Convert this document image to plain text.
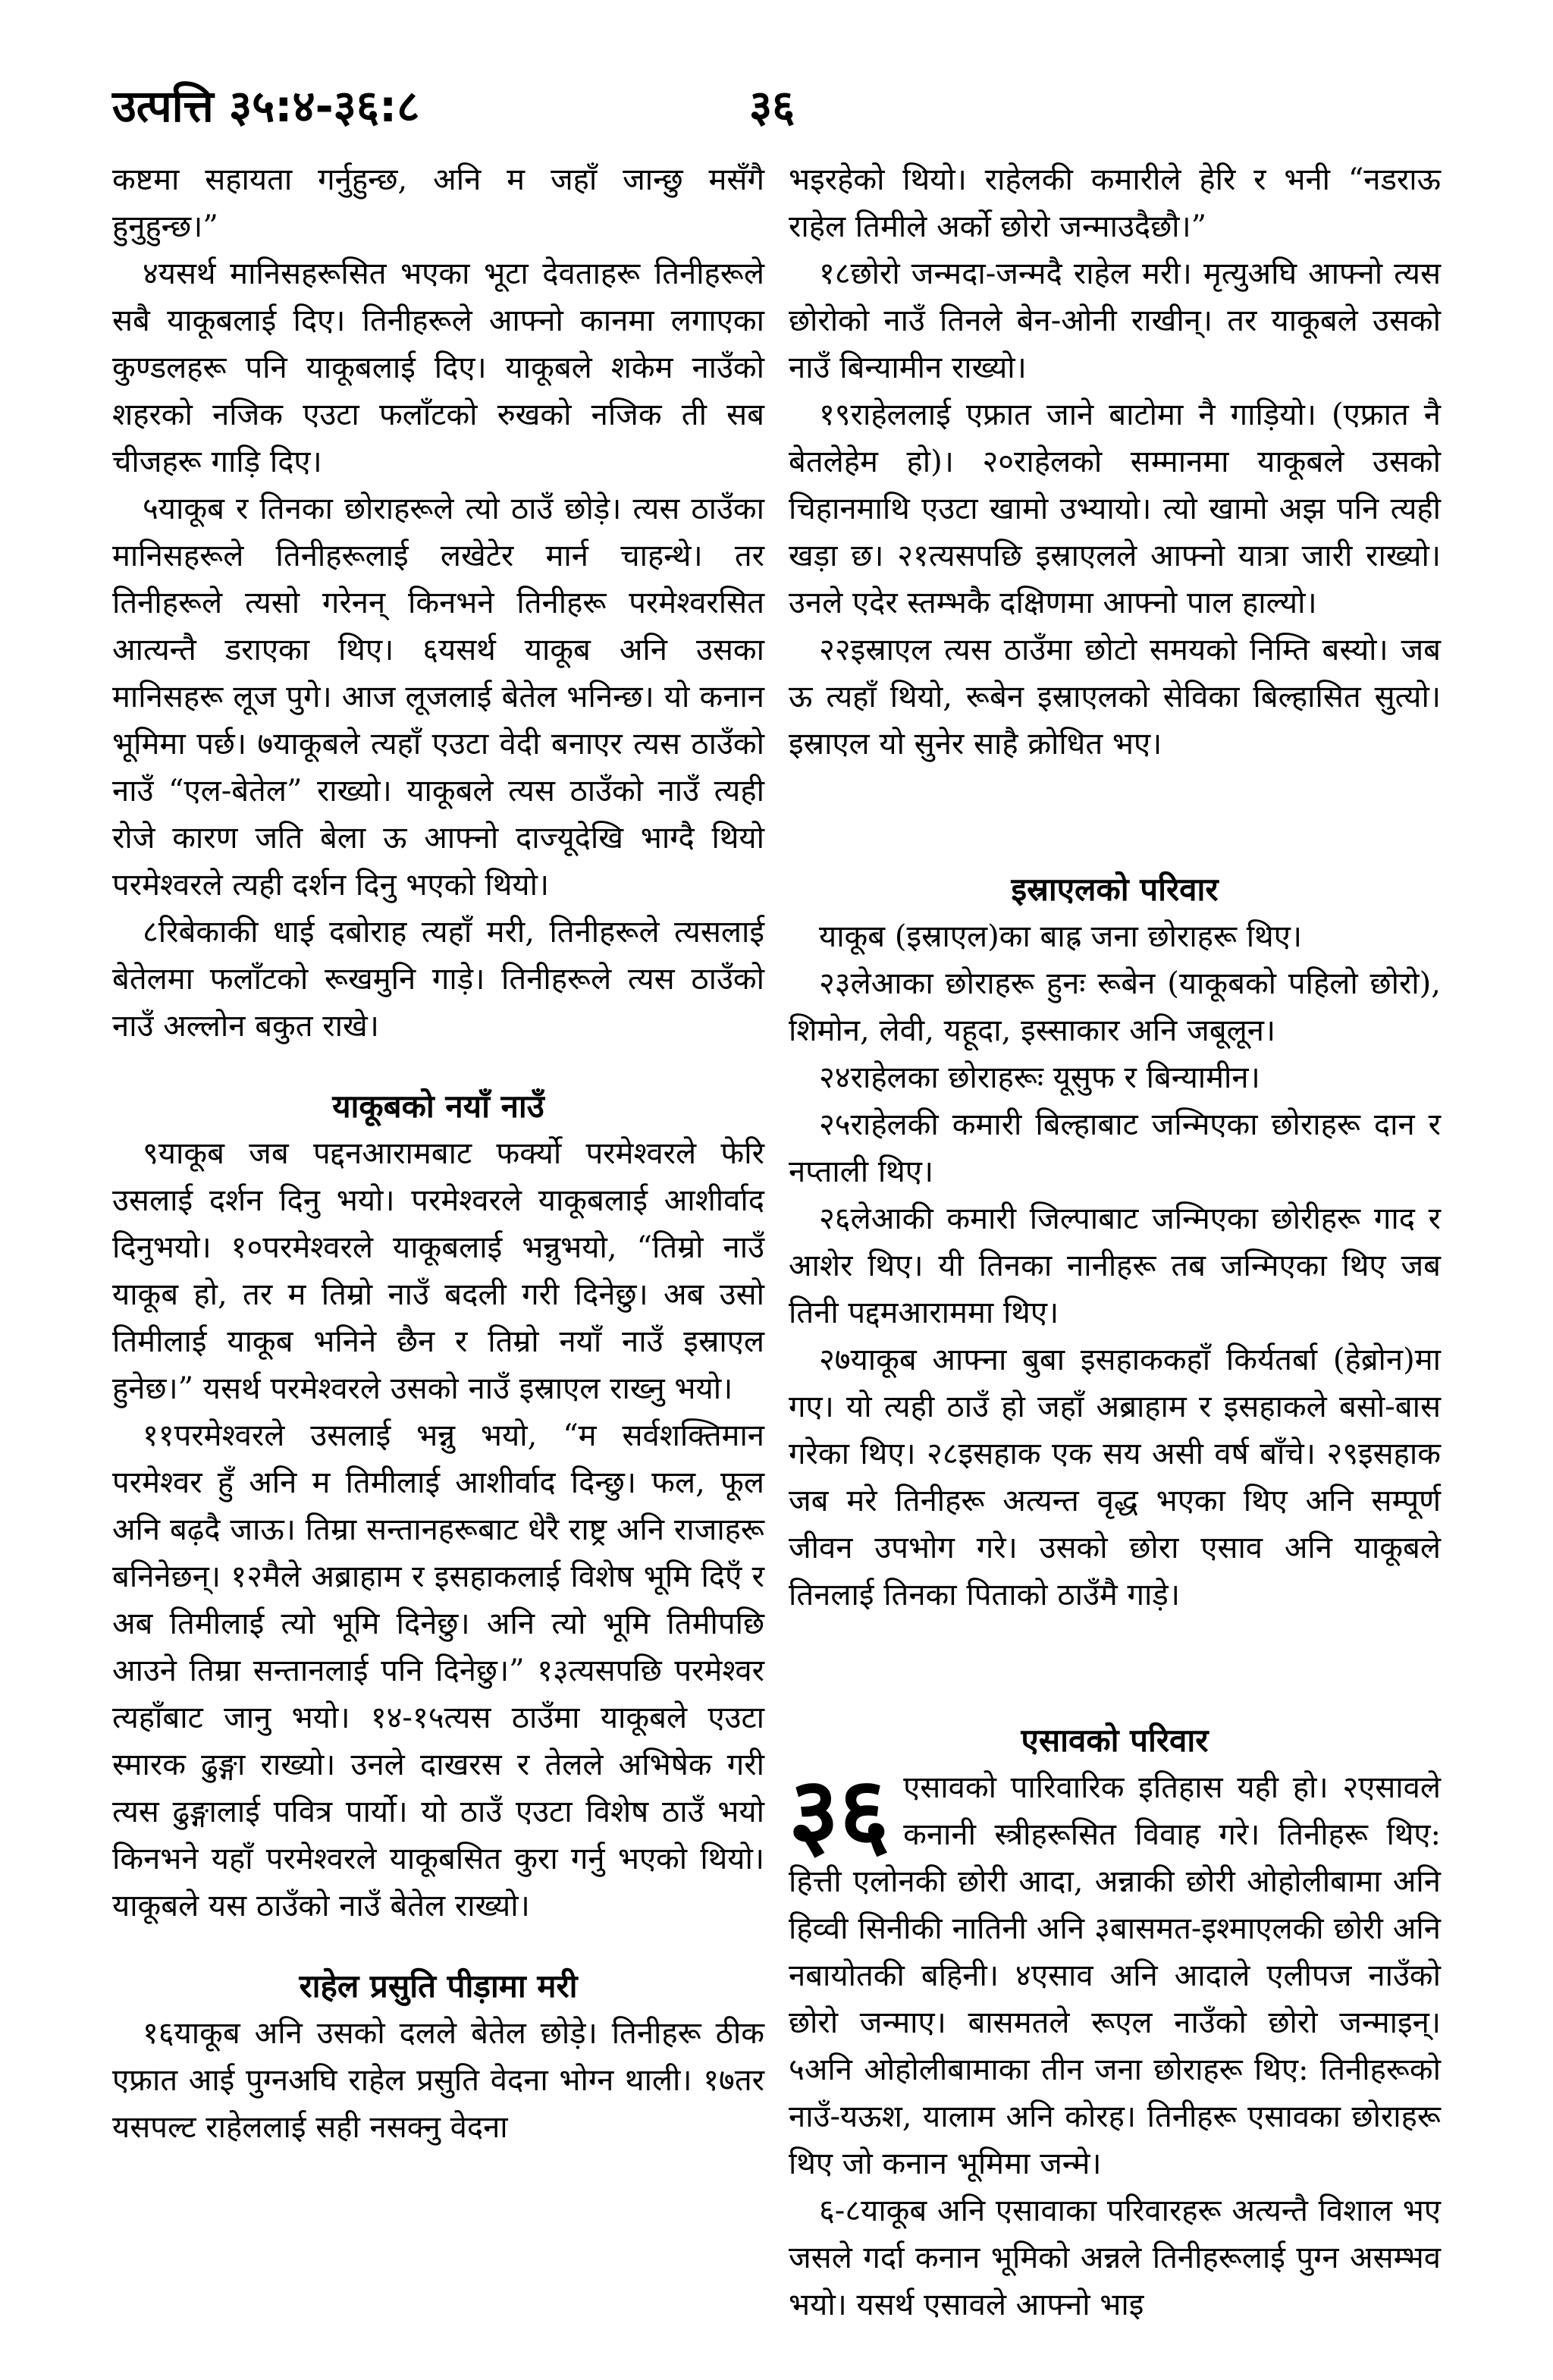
उत्पत्ति ३५:४-३६:८	३६

कष्टमा सहायता गर्नुहुन्छ, अनि म जहाँ जान्छु मसँगै हुनुहुन्छ।”

४यसर्थ मानिसहरूसित भएका भूटा देवताहरू तिनीहरूले सबै याकूबलाई दिए। तिनीहरूले आफ्नो कानमा लगाएका कुण्डलहरू पनि याकूबलाई दिए। याकूबले शकेम नाउँको शहरको नजिक एउटा फलाँटको रुखको नजिक ती सब चीजहरू गाड़ि दिए।

५याकूब र तिनका छोराहरूले त्यो ठाउँ छोड़े। त्यस ठाउँका मानिसहरूले तिनीहरूलाई लखेटेर मार्न चाहन्थे। तर तिनीहरूले त्यसो गरेनन् किनभने तिनीहरू परमेश्वरसित आत्यन्तै डराएका थिए। ६यसर्थ याकूब अनि उसका मानिसहरू लूज पुगे। आज लूजलाई बेतेल भनिन्छ। यो कनान भूमिमा पर्छ। ७याकूबले त्यहाँ एउटा वेदी बनाएर त्यस ठाउँको नाउँ “एल-बेतेल” राख्यो। याकूबले त्यस ठाउँको नाउँ त्यही रोजे कारण जति बेला ऊ आफ्नो दाज्यूदेखि भाग्दै थियो परमेश्वरले त्यही दर्शन दिनु भएको थियो।

८रिबेकाकी धाई दबोराह त्यहाँ मरी, तिनीहरूले त्यसलाई बेतेलमा फलाँटको रूखमुनि गाड़े। तिनीहरूले त्यस ठाउँको नाउँ अल्लोन बकुत राखे।

याकूबको नयाँ नाउँ

९याकूब जब पद्दनआरामबाट फर्क्यो परमेश्वरले फेरि उसलाई दर्शन दिनु भयो। परमेश्वरले याकूबलाई आशीर्वाद दिनुभयो। १०परमेश्वरले याकूबलाई भन्नुभयो, “तिम्रो नाउँ याकूब हो, तर म तिम्रो नाउँ बदली गरी दिनेछु। अब उसो तिमीलाई याकूब भनिने छैन र तिम्रो नयाँ नाउँ इस्राएल हुनेछ।” यसर्थ परमेश्वरले उसको नाउँ इस्राएल राख्नु भयो।

११परमेश्वरले उसलाई भन्नु भयो, “म सर्वशक्तिमान परमेश्वर हुँ अनि म तिमीलाई आशीर्वाद दिन्छु। फल, फूल अनि बढ़दै जाऊ। तिम्रा सन्तानहरूबाट धेरै राष्ट्र अनि राजाहरू बनिनेछन्। १२मैले अब्राहाम र इसहाकलाई विशेष भूमि दिएँ र अब तिमीलाई त्यो भूमि दिनेछु। अनि त्यो भूमि तिमीपछि आउने तिम्रा सन्तानलाई पनि दिनेछु।” १३त्यसपछि परमेश्वर त्यहाँबाट जानु भयो। १४-१५त्यस ठाउँमा याकूबले एउटा स्मारक ढुङ्गा राख्यो। उनले दाखरस र तेलले अभिषेक गरी त्यस ढुङ्गालाई पवित्र पार्यो। यो ठाउँ एउटा विशेष ठाउँ भयो किनभने यहाँ परमेश्वरले याकूबसित कुरा गर्नु भएको थियो। याकूबले यस ठाउँको नाउँ बेतेल राख्यो।

राहेल प्रसुति पीड़ामा मरी

१६याकूब अनि उसको दलले बेतेल छोड़े। तिनीहरू ठीक एफ्रात आई पुग्नअघि राहेल प्रसुति वेदना भोग्न थाली। १७तर यसपल्ट राहेललाई सही नसक्नु वेदना

भइरहेको थियो। राहेलकी कमारीले हेरि र भनी “नडराऊ राहेल तिमीले अर्को छोरो जन्माउदैछौ।”

१८छोरो जन्मदा-जन्मदै राहेल मरी। मृत्युअघि आफ्नो त्यस छोरोको नाउँ तिनले बेन-ओनी राखीन्। तर याकूबले उसको नाउँ बिन्यामीन राख्यो।

१९राहेललाई एफ्रात जाने बाटोमा नै गाड़ियो। (एफ्रात नै बेतलेहेम हो)। २०राहेलको सम्मानमा याकूबले उसको चिहानमाथि एउटा खामो उभ्यायो। त्यो खामो अझ पनि त्यही खड़ा छ। २१त्यसपछि इस्राएलले आफ्नो यात्रा जारी राख्यो। उनले एदेर स्तम्भकै दक्षिणमा आफ्नो पाल हाल्यो।

२२इस्राएल त्यस ठाउँमा छोटो समयको निम्ति बस्यो। जब ऊ त्यहाँ थियो, रूबेन इस्राएलको सेविका बिल्हासित सुत्यो। इस्राएल यो सुनेर साहै क्रोधित भए।

इस्राएलको परिवार

याकूब (इस्राएल)का बाह्र जना छोराहरू थिए।

२३लेआका छोराहरू हुनः रूबेन (याकूबको पहिलो छोरो), शिमोन, लेवी, यहूदा, इस्साकार अनि जबूलून।

२४राहेलका छोराहरूः यूसुफ र बिन्यामीन।

२५राहेलकी कमारी बिल्हाबाट जन्मिएका छोराहरू दान र नप्ताली थिए।

२६लेआकी कमारी जिल्पाबाट जन्मिएका छोरीहरू गाद र आशेर थिए। यी तिनका नानीहरू तब जन्मिएका थिए जब तिनी पद्दमआराममा थिए।

२७याकूब आफ्ना बुबा इसहाककहाँ किर्यतर्बा (हेब्रोन)मा गए। यो त्यही ठाउँ हो जहाँ अब्राहाम र इसहाकले बसो-बास गरेका थिए। २८इसहाक एक सय असी वर्ष बाँचे। २९इसहाक जब मरे तिनीहरू अत्यन्त वृद्ध भएका थिए अनि सम्पूर्ण जीवन उपभोग गरे। उसको छोरा एसाव अनि याकूबले तिनलाई तिनका पिताको ठाउँमै गाड़े।

एसावको परिवार
३६ एसावको पारिवारिक इतिहास यही हो। २एसावले कनानी स्त्रीहरूसित विवाह गरे। तिनीहरू थिए: हित्ती एलोनकी छोरी आदा, अन्नाकी छोरी ओहोलीबामा अनि हिव्वी सिनीकी नातिनी अनि ३बासमत-इश्माएलकी छोरी अनि नबायोतकी बहिनी। ४एसाव अनि आदाले एलीपज नाउँको छोरो जन्माए। बासमतले रूएल नाउँको छोरो जन्माइन्। ५अनि ओहोलीबामाका तीन जना छोराहरू थिए: तिनीहरूको नाउँ-यऊश, यालाम अनि कोरह। तिनीहरू एसावका छोराहरू थिए जो कनान भूमिमा जन्मे।

६-८याकूब अनि एसावाका परिवारहरू अत्यन्तै विशाल भए जसले गर्दा कनान भूमिको अन्नले तिनीहरूलाई पुग्न असम्भव भयो। यसर्थ एसावले आफ्नो भाइ
